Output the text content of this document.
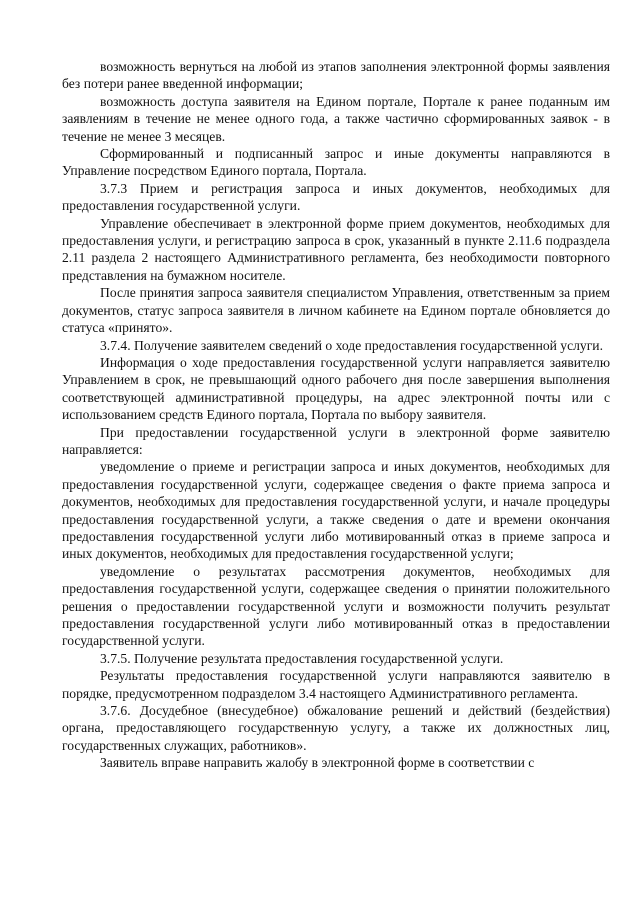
возможность вернуться на любой из этапов заполнения электронной формы заявления без потери ранее введенной информации;

возможность доступа заявителя на Едином портале, Портале к ранее поданным им заявлениям в течение не менее одного года, а также частично сформированных заявок - в течение не менее 3 месяцев.

Сформированный и подписанный запрос и иные документы направляются в Управление посредством Единого портала, Портала.

3.7.3 Прием и регистрация запроса и иных документов, необходимых для предоставления государственной услуги.

Управление обеспечивает в электронной форме прием документов, необходимых для предоставления услуги, и регистрацию запроса в срок, указанный в пункте 2.11.6 подраздела 2.11 раздела 2 настоящего Административного регламента, без необходимости повторного представления на бумажном носителе.

После принятия запроса заявителя специалистом Управления, ответственным за прием документов, статус запроса заявителя в личном кабинете на Едином портале обновляется до статуса «принято».

3.7.4. Получение заявителем сведений о ходе предоставления государственной услуги.

Информация о ходе предоставления государственной услуги направляется заявителю Управлением в срок, не превышающий одного рабочего дня после завершения выполнения соответствующей административной процедуры, на адрес электронной почты или с использованием средств Единого портала, Портала по выбору заявителя.

При предоставлении государственной услуги в электронной форме заявителю направляется:

уведомление о приеме и регистрации запроса и иных документов, необходимых для предоставления государственной услуги, содержащее сведения о факте приема запроса и документов, необходимых для предоставления государственной услуги, и начале процедуры предоставления государственной услуги, а также сведения о дате и времени окончания предоставления государственной услуги либо мотивированный отказ в приеме запроса и иных документов, необходимых для предоставления государственной услуги;

уведомление о результатах рассмотрения документов, необходимых для предоставления государственной услуги, содержащее сведения о принятии положительного решения о предоставлении государственной услуги и возможности получить результат предоставления государственной услуги либо мотивированный отказ в предоставлении государственной услуги.

3.7.5. Получение результата предоставления государственной услуги.

Результаты предоставления государственной услуги направляются заявителю в порядке, предусмотренном подразделом 3.4 настоящего Административного регламента.

3.7.6. Досудебное (внесудебное) обжалование решений и действий (бездействия) органа, предоставляющего государственную услугу, а также их должностных лиц, государственных служащих, работников».

Заявитель вправе направить жалобу в электронной форме в соответствии с
